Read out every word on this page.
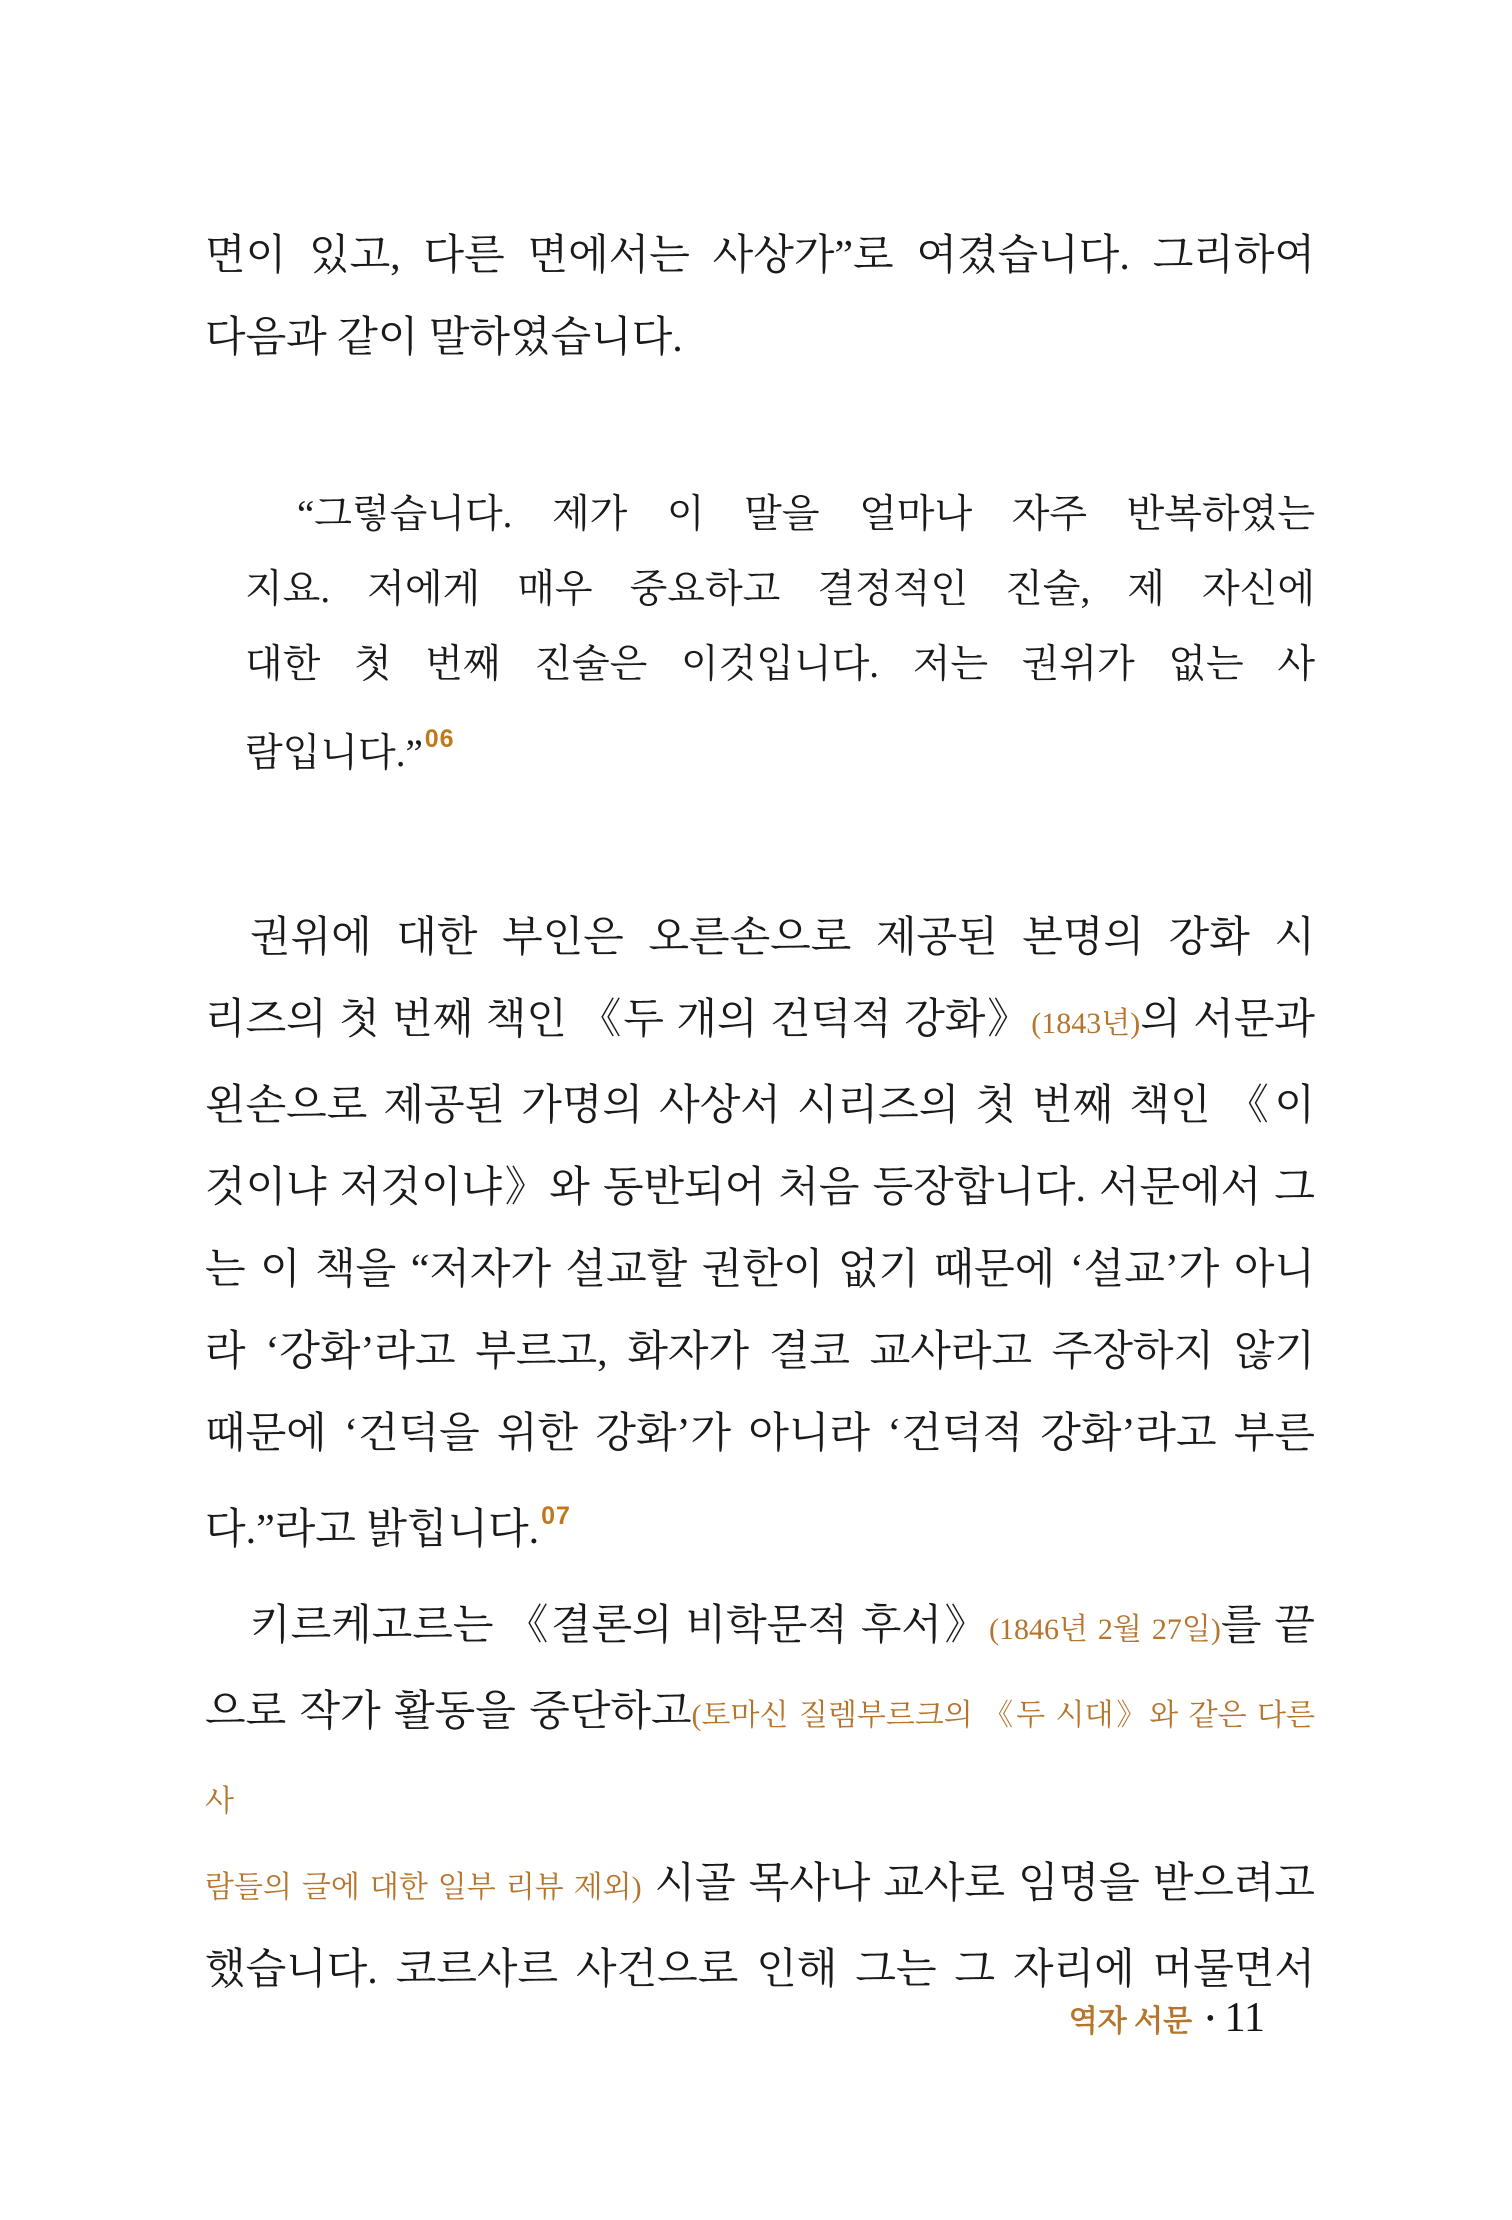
면이 있고, 다른 면에서는 사상가”로 여겼습니다. 그리하여
다음과 같이 말하였습니다.
“그렇습니다. 제가 이 말을 얼마나 자주 반복하였는
지요. 저에게 매우 중요하고 결정적인 진술, 제 자신에
대한 첫 번째 진술은 이것입니다. 저는 권위가 없는 사
람입니다.”$^{06}$
권위에 대한 부인은 오른손으로 제공된 본명의 강화 시
리즈의 첫 번째 책인 《두 개의 건덕적 강화》(1843년)의 서문과
왼손으로 제공된 가명의 사상서 시리즈의 첫 번째 책인 《이
것이냐 저것이냐》와 동반되어 처음 등장합니다. 서문에서 그
는 이 책을 “저자가 설교할 권한이 없기 때문에 ‘설교’가 아니
라 ‘강화’라고 부르고, 화자가 결코 교사라고 주장하지 않기
때문에 ‘건덕을 위한 강화’가 아니라 ‘건덕적 강화’라고 부른
다.”라고 밝힙니다.$^{07}$
키르케고르는 《결론의 비학문적 후서》(1846년 2월 27일)를 끝
으로 작가 활동을 중단하고(토마신 질렘부르크의 《두 시대》와 같은 다른 사
람들의 글에 대한 일부 리뷰 제외) 시골 목사나 교사로 임명을 받으려고
했습니다. 코르사르 사건으로 인해 그는 그 자리에 머물면서
역자 서문 • 11
